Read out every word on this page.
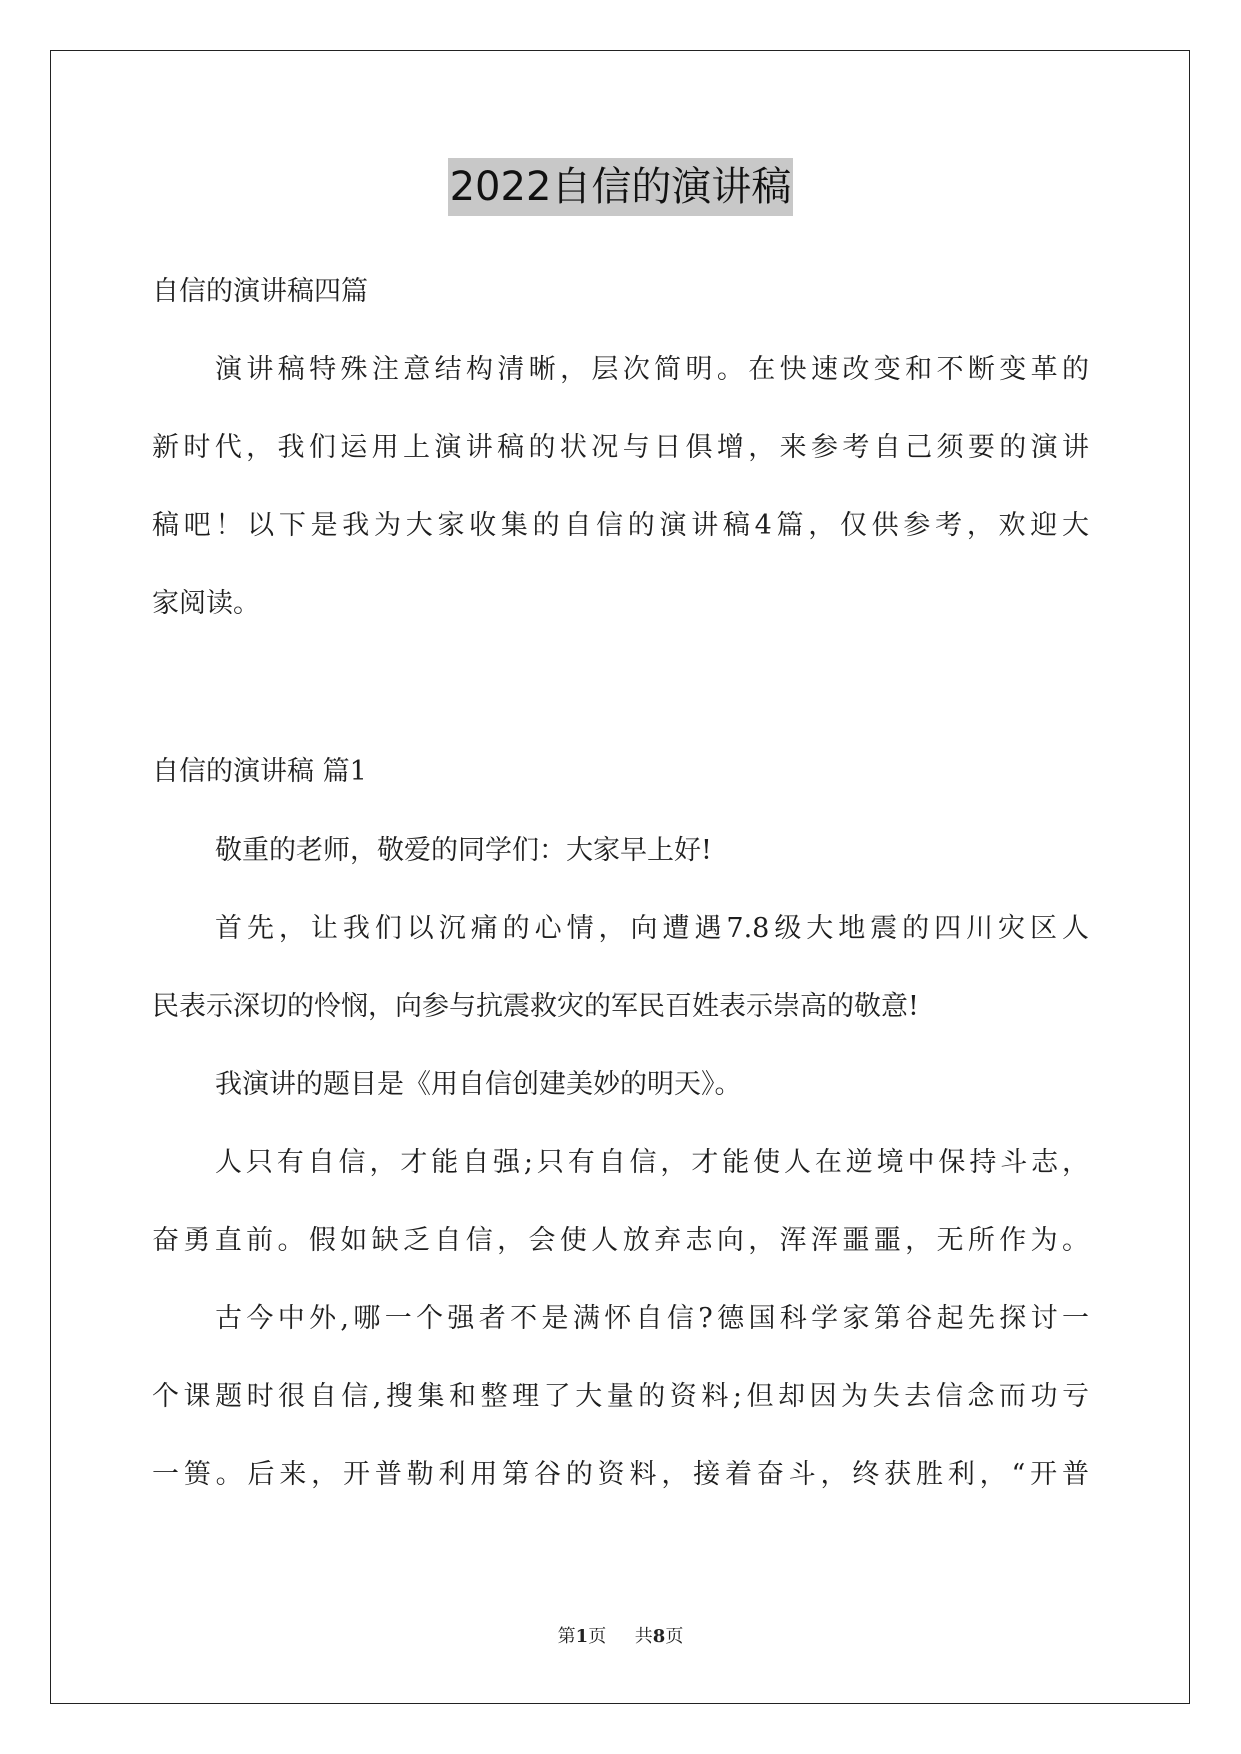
2022自信的演讲稿
自信的演讲稿四篇
演讲稿特殊注意结构清晰，层次简明。在快速改变和不断变革的
新时代，我们运用上演讲稿的状况与日俱增，来参考自己须要的演讲
稿吧！以下是我为大家收集的自信的演讲稿4篇，仅供参考，欢迎大
家阅读。
自信的演讲稿 篇1
敬重的老师，敬爱的同学们：大家早上好!
首先，让我们以沉痛的心情，向遭遇7.8级大地震的四川灾区人
民表示深切的怜悯，向参与抗震救灾的军民百姓表示崇高的敬意!
我演讲的题目是《用自信创建美妙的明天》。
人只有自信，才能自强;只有自信，才能使人在逆境中保持斗志，
奋勇直前。假如缺乏自信，会使人放弃志向，浑浑噩噩，无所作为。
古今中外,哪一个强者不是满怀自信?德国科学家第谷起先探讨一
个课题时很自信,搜集和整理了大量的资料;但却因为失去信念而功亏
一篑。后来，开普勒利用第谷的资料，接着奋斗，终获胜利，“开普
第1页 共8页
